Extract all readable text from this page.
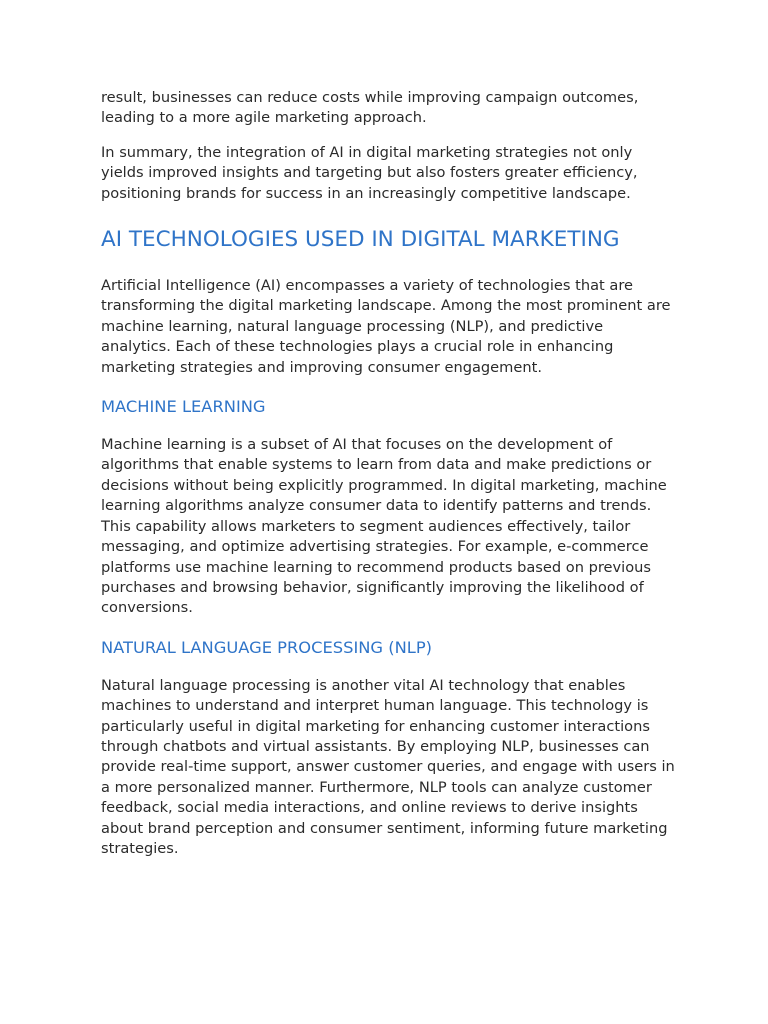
result, businesses can reduce costs while improving campaign outcomes, leading to a more agile marketing approach.

In summary, the integration of AI in digital marketing strategies not only yields improved insights and targeting but also fosters greater efficiency, positioning brands for success in an increasingly competitive landscape.

AI TECHNOLOGIES USED IN DIGITAL MARKETING

Artificial Intelligence (AI) encompasses a variety of technologies that are transforming the digital marketing landscape. Among the most prominent are machine learning, natural language processing (NLP), and predictive analytics. Each of these technologies plays a crucial role in enhancing marketing strategies and improving consumer engagement.

MACHINE LEARNING

Machine learning is a subset of AI that focuses on the development of algorithms that enable systems to learn from data and make predictions or decisions without being explicitly programmed. In digital marketing, machine learning algorithms analyze consumer data to identify patterns and trends. This capability allows marketers to segment audiences effectively, tailor messaging, and optimize advertising strategies. For example, e-commerce platforms use machine learning to recommend products based on previous purchases and browsing behavior, significantly improving the likelihood of conversions.

NATURAL LANGUAGE PROCESSING (NLP)

Natural language processing is another vital AI technology that enables machines to understand and interpret human language. This technology is particularly useful in digital marketing for enhancing customer interactions through chatbots and virtual assistants. By employing NLP, businesses can provide real-time support, answer customer queries, and engage with users in a more personalized manner. Furthermore, NLP tools can analyze customer feedback, social media interactions, and online reviews to derive insights about brand perception and consumer sentiment, informing future marketing strategies.
